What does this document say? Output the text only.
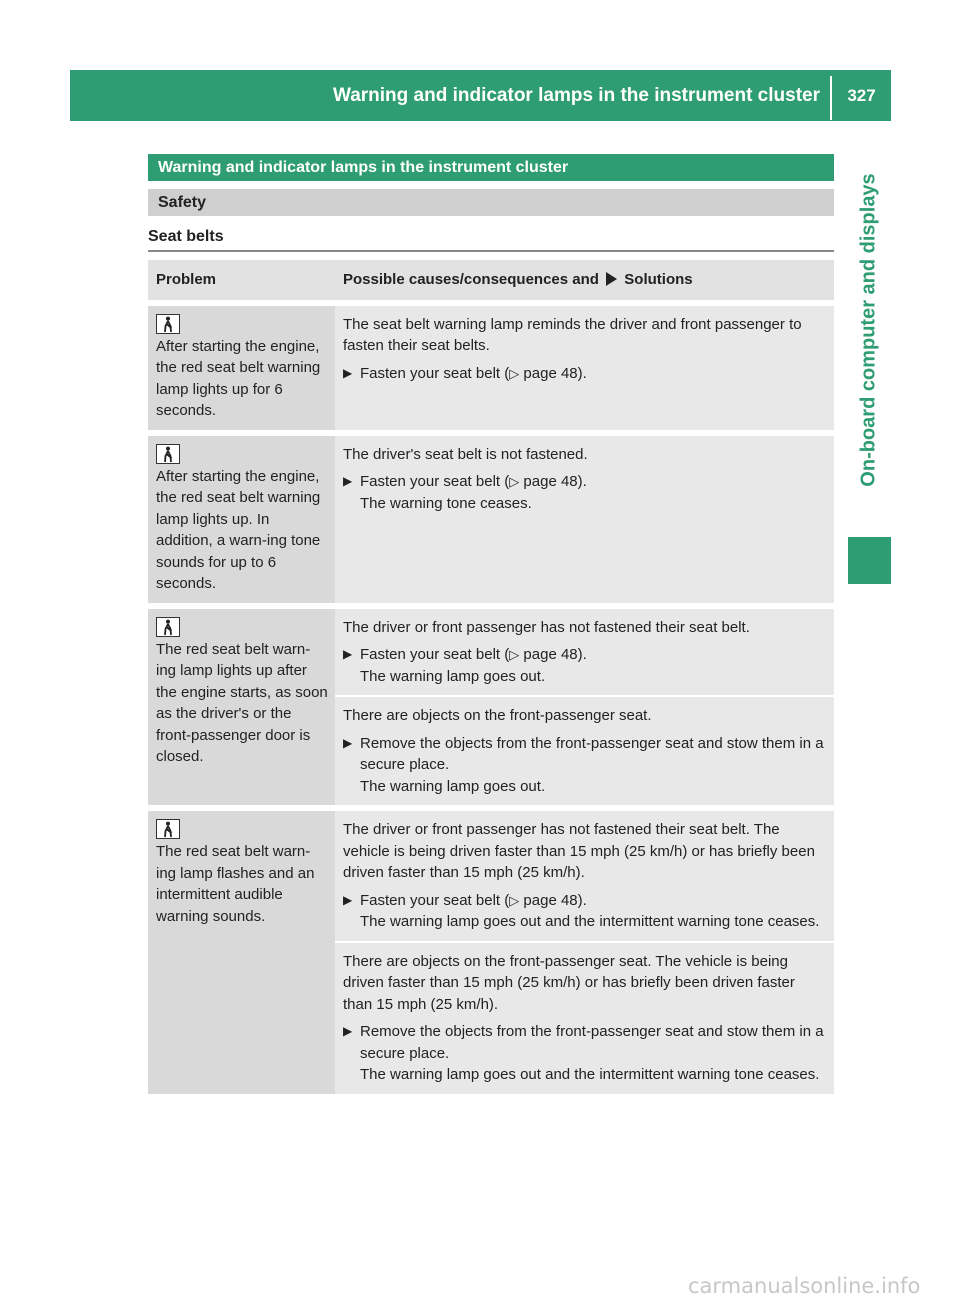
Warning and indicator lamps in the instrument cluster	327
On-board computer and displays
Warning and indicator lamps in the instrument cluster
Safety
Seat belts
Problem	Possible causes/consequences and Solutions
After starting the engine, the red seat belt warning lamp lights up for 6 seconds.
The seat belt warning lamp reminds the driver and front passenger to fasten their seat belts.
▶ Fasten your seat belt (▷ page 48).
After starting the engine, the red seat belt warning lamp lights up. In addition, a warn-ing tone sounds for up to 6 seconds.
The driver's seat belt is not fastened.
▶ Fasten your seat belt (▷ page 48).
The warning tone ceases.
The red seat belt warn-ing lamp lights up after the engine starts, as soon as the driver's or the front-passenger door is closed.
The driver or front passenger has not fastened their seat belt.
▶ Fasten your seat belt (▷ page 48).
The warning lamp goes out.
There are objects on the front-passenger seat.
▶ Remove the objects from the front-passenger seat and stow them in a secure place.
The warning lamp goes out.
The red seat belt warn-ing lamp flashes and an intermittent audible warning sounds.
The driver or front passenger has not fastened their seat belt. The vehicle is being driven faster than 15 mph (25 km/h) or has briefly been driven faster than 15 mph (25 km/h).
▶ Fasten your seat belt (▷ page 48).
The warning lamp goes out and the intermittent warning tone ceases.
There are objects on the front-passenger seat. The vehicle is being driven faster than 15 mph (25 km/h) or has briefly been driven faster than 15 mph (25 km/h).
▶ Remove the objects from the front-passenger seat and stow them in a secure place.
The warning lamp goes out and the intermittent warning tone ceases.
carmanualsonline.info
